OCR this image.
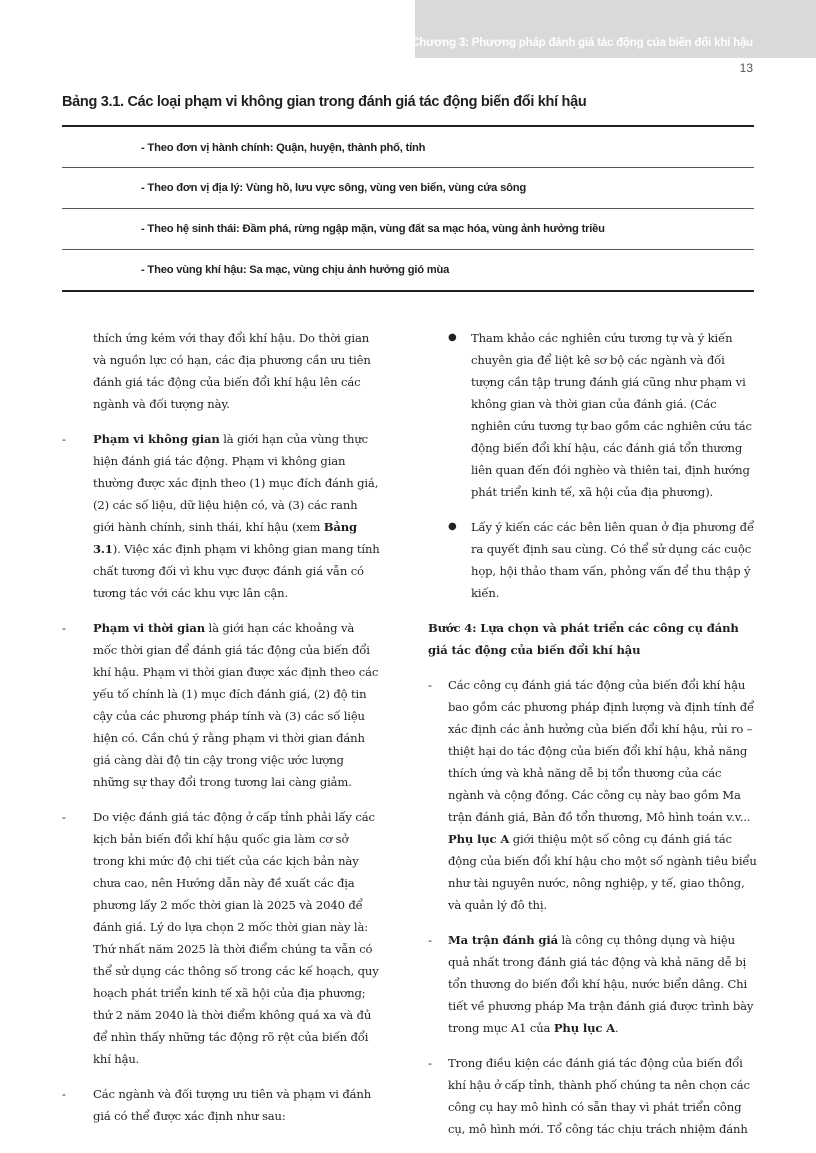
Chương 3: Phương pháp đánh giá tác động của biến đổi khí hậu
13
Bảng 3.1. Các loại phạm vi không gian trong đánh giá tác động biến đổi khí hậu
- Theo đơn vị hành chính: Quận, huyện, thành phố, tỉnh
- Theo đơn vị địa lý: Vùng hồ, lưu vực sông, vùng ven biển, vùng cửa sông
- Theo hệ sinh thái: Đầm phá, rừng ngập mặn, vùng đất sa mạc hóa, vùng ảnh hưởng triều
- Theo vùng khí hậu: Sa mạc, vùng chịu ảnh hưởng gió mùa

thích ứng kém với thay đổi khí hậu. Do thời gian và nguồn lực có hạn, các địa phương cần ưu tiên đánh giá tác động của biến đổi khí hậu lên các ngành và đối tượng này.

- Phạm vi không gian là giới hạn của vùng thực hiện đánh giá tác động. Phạm vi không gian thường được xác định theo (1) mục đích đánh giá, (2) các số liệu, dữ liệu hiện có, và (3) các ranh giới hành chính, sinh thái, khí hậu (xem Bảng 3.1). Việc xác định phạm vi không gian mang tính chất tương đối vì khu vực được đánh giá vẫn có tương tác với các khu vực lân cận.
- Phạm vi thời gian là giới hạn các khoảng và mốc thời gian để đánh giá tác động của biến đổi khí hậu. Phạm vi thời gian được xác định theo các yếu tố chính là (1) mục đích đánh giá, (2) độ tin cậy của các phương pháp tính và (3) các số liệu hiện có. Cần chú ý rằng phạm vi thời gian đánh giá càng dài độ tin cậy trong việc ước lượng những sự thay đổi trong tương lai càng giảm.
- Do việc đánh giá tác động ở cấp tỉnh phải lấy các kịch bản biến đổi khí hậu quốc gia làm cơ sở trong khi mức độ chi tiết của các kịch bản này chưa cao, nên Hướng dẫn này đề xuất các địa phương lấy 2 mốc thời gian là 2025 và 2040 để đánh giá. Lý do lựa chọn 2 mốc thời gian này là: Thứ nhất năm 2025 là thời điểm chúng ta vẫn có thể sử dụng các thông số trong các kế hoạch, quy hoạch phát triển kinh tế xã hội của địa phương; thứ 2 năm 2040 là thời điểm không quá xa và đủ để nhìn thấy những tác động rõ rệt của biến đổi khí hậu.
- Các ngành và đối tượng ưu tiên và phạm vi đánh giá có thể được xác định như sau:
● Tham khảo các nghiên cứu tương tự và ý kiến chuyên gia để liệt kê sơ bộ các ngành và đối tượng cần tập trung đánh giá cũng như phạm vi không gian và thời gian của đánh giá. (Các nghiên cứu tương tự bao gồm các nghiên cứu tác động biến đổi khí hậu, các đánh giá tổn thương liên quan đến đói nghèo và thiên tai, định hướng phát triển kinh tế, xã hội của địa phương).
● Lấy ý kiến các các bên liên quan ở địa phương để ra quyết định sau cùng. Có thể sử dụng các cuộc họp, hội thảo tham vấn, phỏng vấn để thu thập ý kiến.

Bước 4: Lựa chọn và phát triển các công cụ đánh giá tác động của biến đổi khí hậu

- Các công cụ đánh giá tác động của biến đổi khí hậu bao gồm các phương pháp định lượng và định tính để xác định các ảnh hưởng của biến đổi khí hậu, rủi ro – thiệt hại do tác động của biến đổi khí hậu, khả năng thích ứng và khả năng dễ bị tổn thương của các ngành và cộng đồng. Các công cụ này bao gồm Ma trận đánh giá, Bản đồ tổn thương, Mô hình toán v.v... Phụ lục A giới thiệu một số công cụ đánh giá tác động của biến đổi khí hậu cho một số ngành tiêu biểu như tài nguyên nước, nông nghiệp, y tế, giao thông, và quản lý đô thị.
- Ma trận đánh giá là công cụ thông dụng và hiệu quả nhất trong đánh giá tác động và khả năng dễ bị tổn thương do biến đổi khí hậu, nước biển dâng. Chi tiết về phương pháp Ma trận đánh giá được trình bày trong mục A1 của Phụ lục A.
- Trong điều kiện các đánh giá tác động của biến đổi khí hậu ở cấp tỉnh, thành phố chúng ta nên chọn các công cụ hay mô hình có sẵn thay vì phát triển công cụ, mô hình mới. Tổ công tác chịu trách nhiệm đánh
